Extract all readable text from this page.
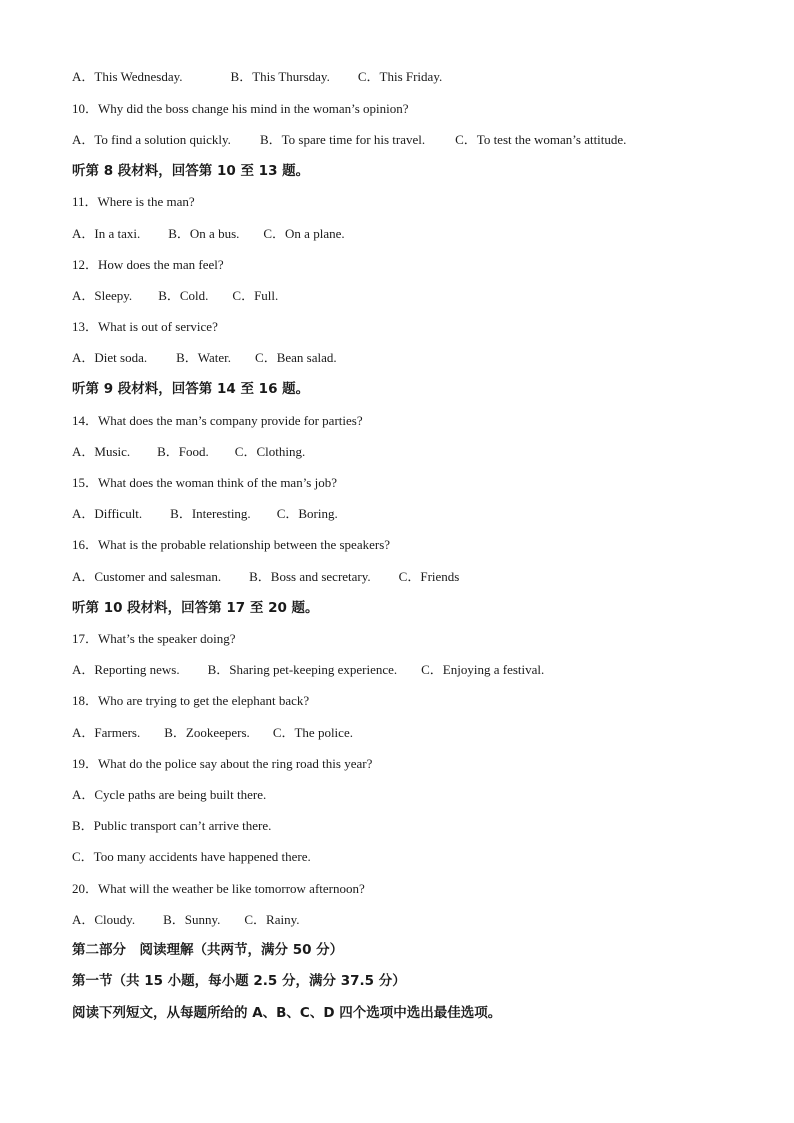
A．This Wednesday.	B．This Thursday. C．This Friday.
10．Why did the boss change his mind in the woman’s opinion?
A．To find a solution quickly. B．To spare time for his travel. C．To test the woman’s attitude.
听第 8 段材料，回答第 10 至 13 题。
11．Where is the man?
A．In a taxi. B．On a bus. C．On a plane.
12．How does the man feel?
A．Sleepy. B．Cold. C．Full.
13．What is out of service?
A．Diet soda. B．Water. C．Bean salad.
听第 9 段材料，回答第 14 至 16 题。
14．What does the man’s company provide for parties?
A．Music. B．Food. C．Clothing.
15．What does the woman think of the man’s job?
A．Difficult. B．Interesting. C．Boring.
16．What is the probable relationship between the speakers?
A．Customer and salesman. B．Boss and secretary. C．Friends
听第 10 段材料，回答第 17 至 20 题。
17．What’s the speaker doing?
A．Reporting news. B．Sharing pet-keeping experience. C．Enjoying a festival.
18．Who are trying to get the elephant back?
A．Farmers. B．Zookeepers. C．The police.
19．What do the police say about the ring road this year?
A．Cycle paths are being built there.
B．Public transport can’t arrive there.
C．Too many accidents have happened there.
20．What will the weather be like tomorrow afternoon?
A．Cloudy. B．Sunny. C．Rainy.
第二部分　阅读理解（共两节，满分 50 分）
第一节（共 15 小题，每小题 2.5 分，满分 37.5 分）
阅读下列短文，从每题所给的 A、B、C、D 四个选项中选出最佳选项。
